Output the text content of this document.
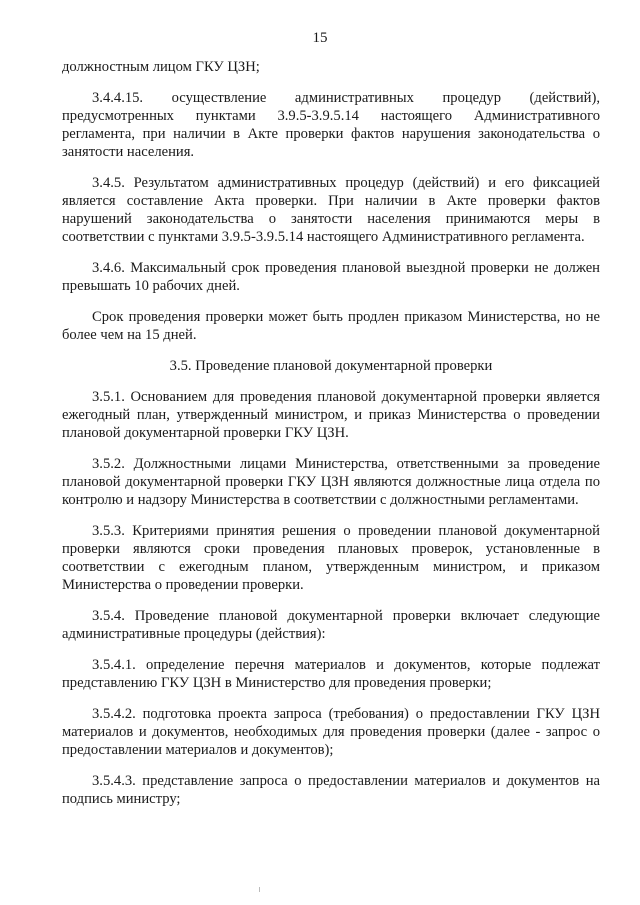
15

должностным лицом ГКУ ЦЗН;

3.4.4.15. осуществление административных процедур (действий), предусмотренных пунктами 3.9.5-3.9.5.14 настоящего Административного регламента, при наличии в Акте проверки фактов нарушения законодательства о занятости населения.

3.4.5. Результатом административных процедур (действий) и его фиксацией является составление Акта проверки. При наличии в Акте проверки фактов нарушений законодательства о занятости населения принимаются меры в соответствии с пунктами 3.9.5-3.9.5.14 настоящего Административного регламента.

3.4.6. Максимальный срок проведения плановой выездной проверки не должен превышать 10 рабочих дней.

Срок проведения проверки может быть продлен приказом Министерства, но не более чем на 15 дней.

3.5. Проведение плановой документарной проверки

3.5.1. Основанием для проведения плановой документарной проверки является ежегодный план, утвержденный министром, и приказ Министерства о проведении плановой документарной проверки ГКУ ЦЗН.

3.5.2. Должностными лицами Министерства, ответственными за проведение плановой документарной проверки ГКУ ЦЗН являются должностные лица отдела по контролю и надзору Министерства в соответствии с должностными регламентами.

3.5.3. Критериями принятия решения о проведении плановой документарной проверки являются сроки проведения плановых проверок, установленные в соответствии с ежегодным планом, утвержденным министром, и приказом Министерства о проведении проверки.

3.5.4. Проведение плановой документарной проверки включает следующие административные процедуры (действия):

3.5.4.1. определение перечня материалов и документов, которые подлежат представлению ГКУ ЦЗН в Министерство для проведения проверки;

3.5.4.2. подготовка проекта запроса (требования) о предоставлении ГКУ ЦЗН материалов и документов, необходимых для проведения проверки (далее - запрос о предоставлении материалов и документов);

3.5.4.3. представление запроса о предоставлении материалов и документов на подпись министру;
